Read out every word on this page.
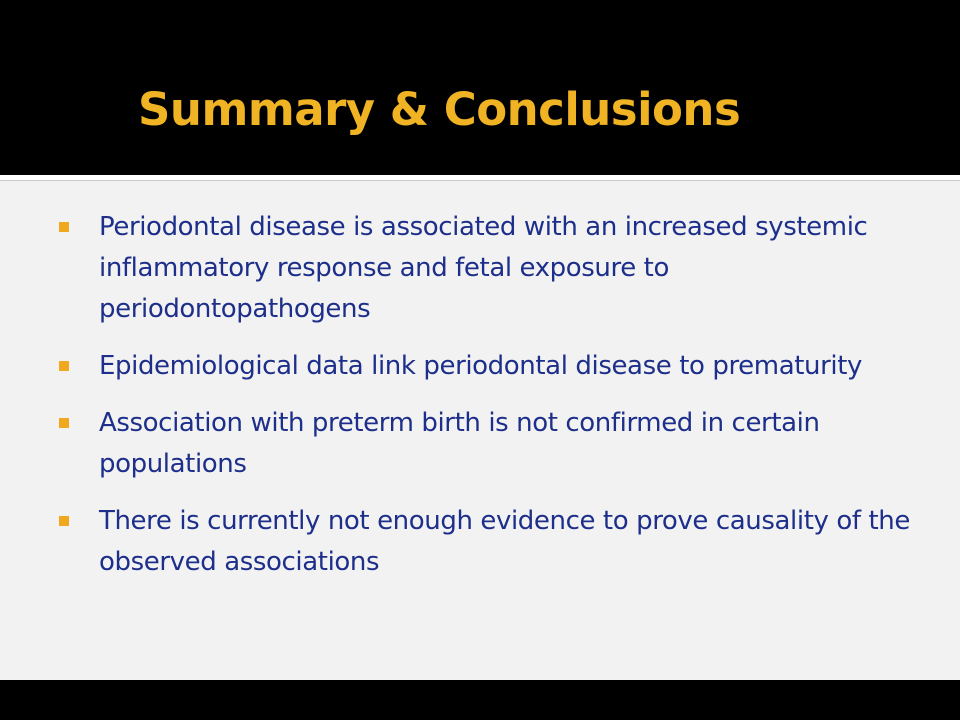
Summary & Conclusions
Periodontal disease is associated with an increased systemic inflammatory response and fetal exposure to periodontopathogens
Epidemiological data link periodontal disease to prematurity
Association with preterm birth is not confirmed in certain populations
There is currently not enough evidence to prove causality of the observed associations
